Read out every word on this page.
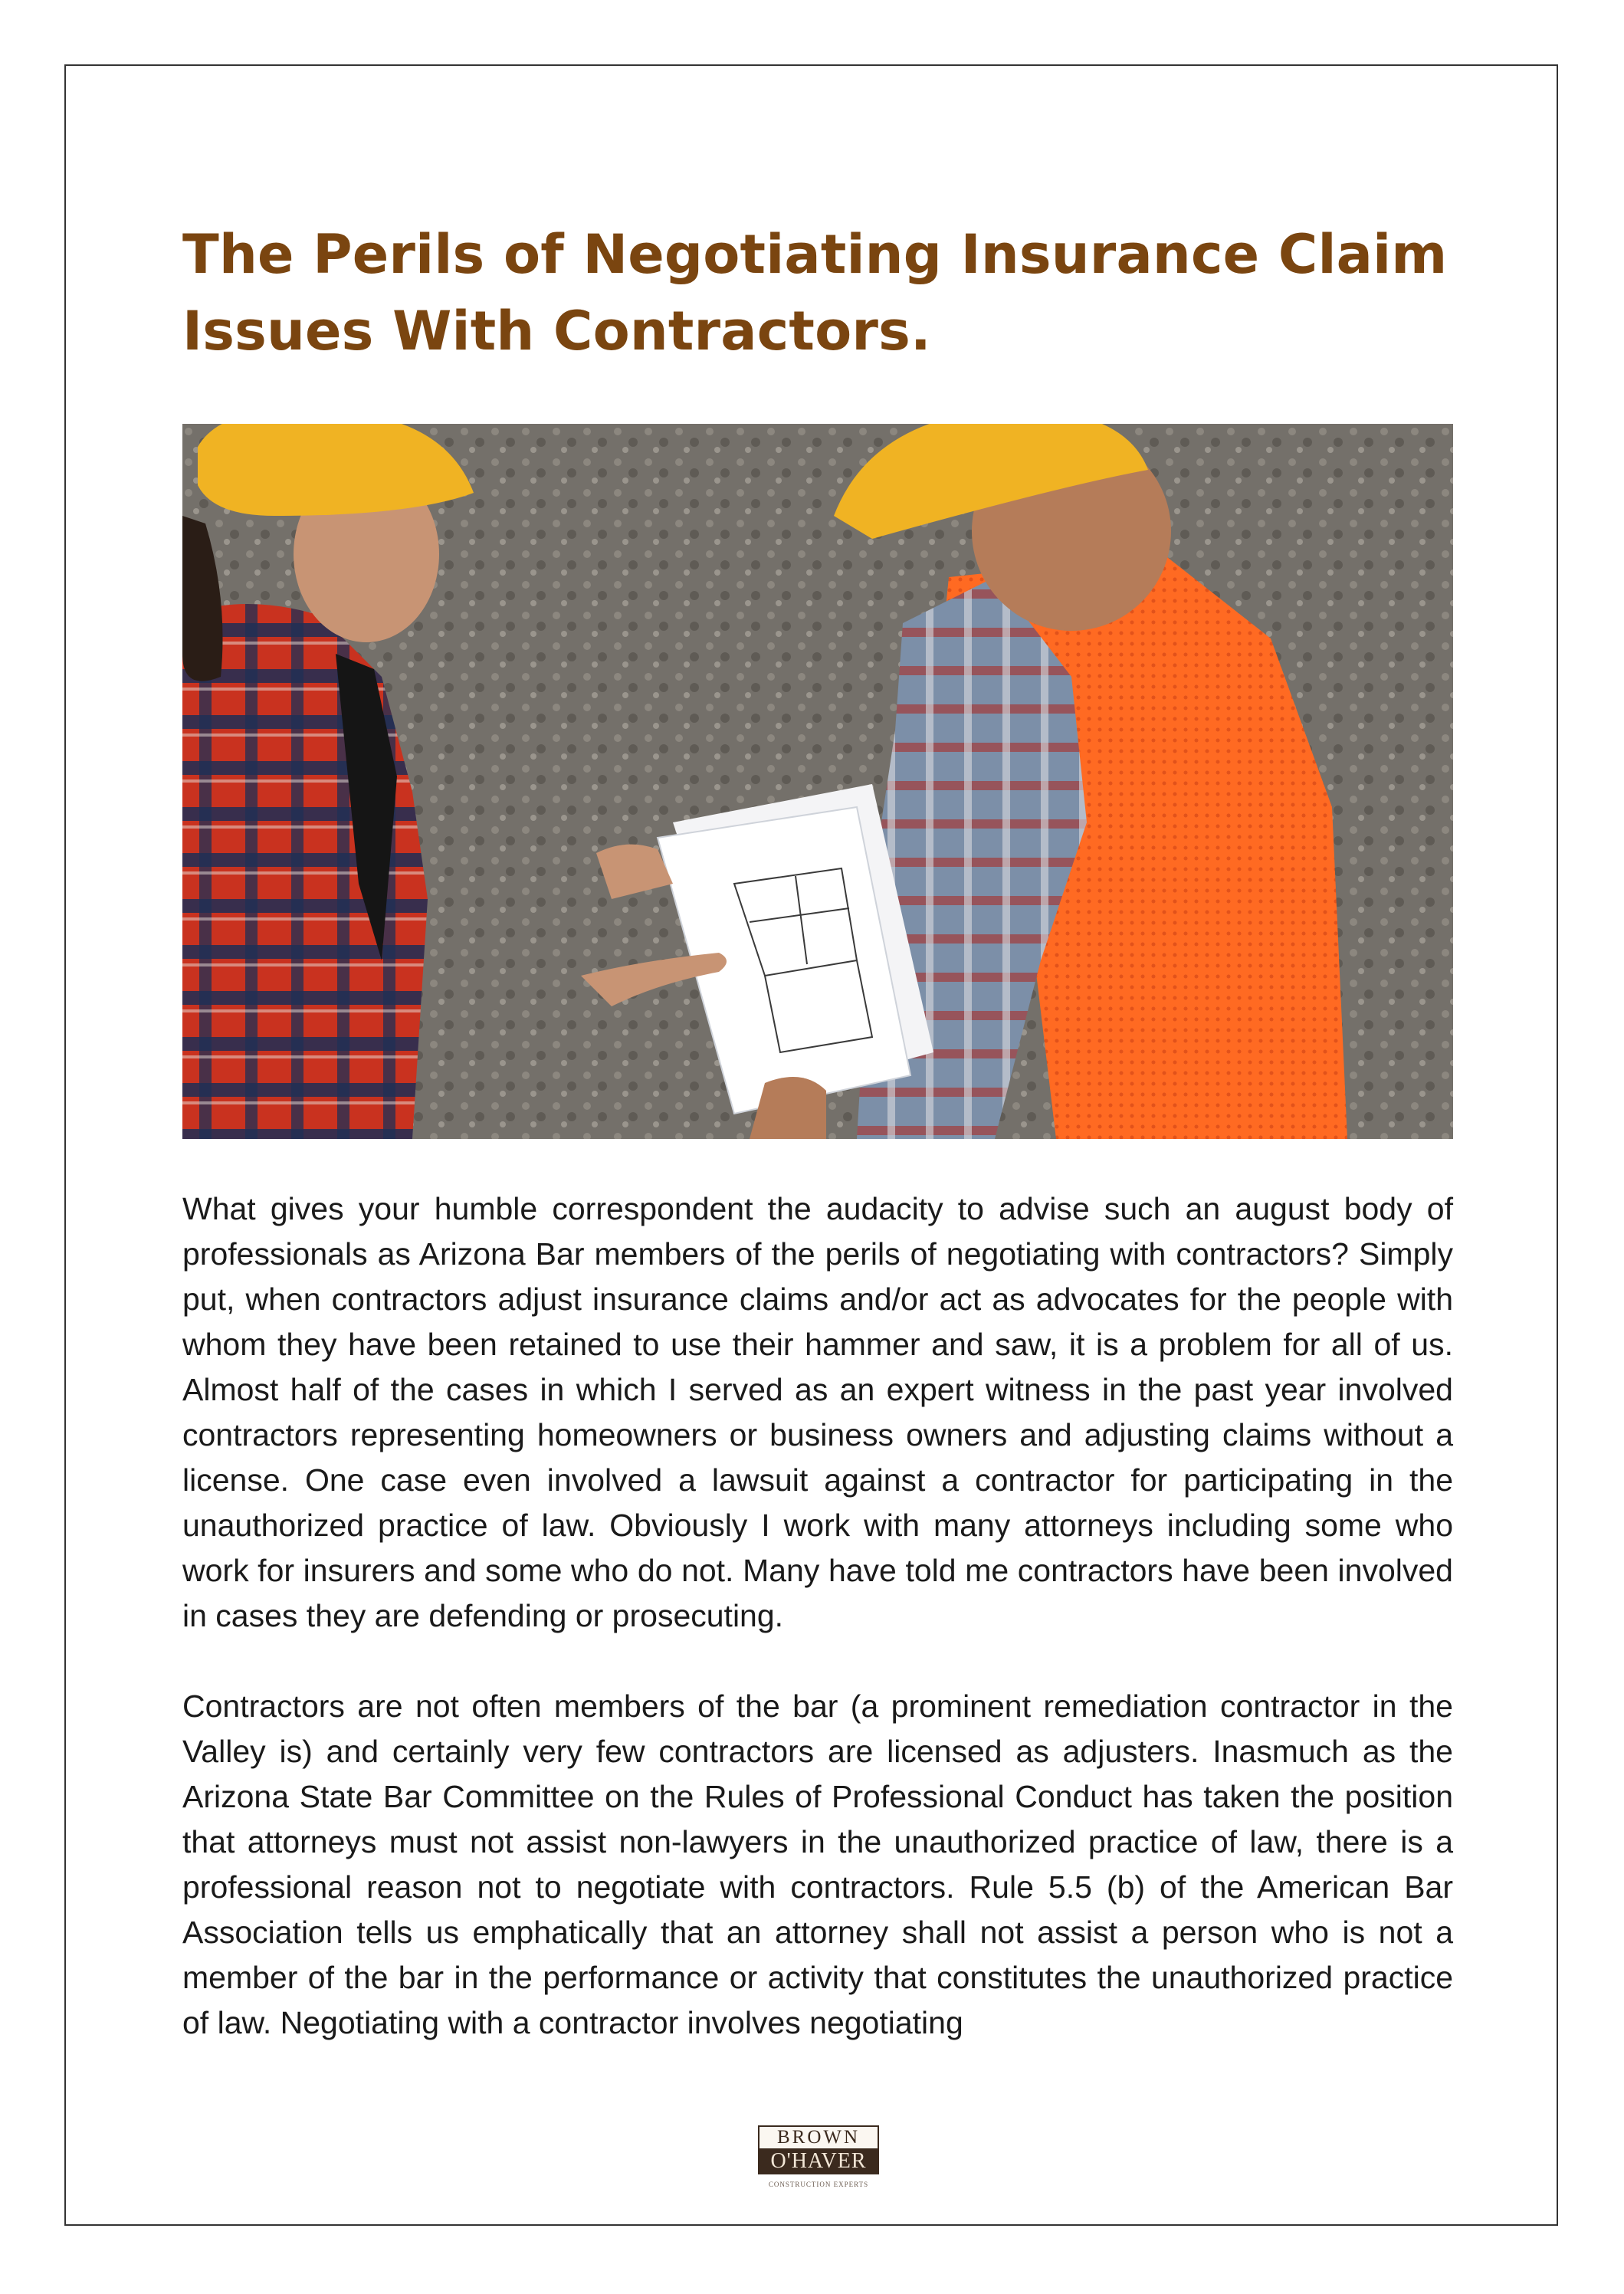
The Perils of Negotiating Insurance Claim
Issues With Contractors.

What gives your humble correspondent the audacity to advise such an august body of professionals as Arizona Bar members of the perils of negotiating with contractors? Simply put, when contractors adjust insurance claims and/or act as advocates for the people with whom they have been retained to use their hammer and saw, it is a problem for all of us. Almost half of the cases in which I served as an expert witness in the past year involved contractors representing homeowners or business owners and adjusting claims without a license. One case even involved a lawsuit against a contractor for participating in the unauthorized practice of law. Obviously I work with many attorneys including some who work for insurers and some who do not. Many have told me contractors have been involved in cases they are defending or prosecuting.

Contractors are not often members of the bar (a prominent remediation contractor in the Valley is) and certainly very few contractors are licensed as adjusters. Inasmuch as the Arizona State Bar Committee on the Rules of Professional Conduct has taken the position that attorneys must not assist non-lawyers in the unauthorized practice of law, there is a professional reason not to negotiate with contractors. Rule 5.5 (b) of the American Bar Association tells us emphatically that an attorney shall not assist a person who is not a member of the bar in the performance or activity that constitutes the unauthorized practice of law. Negotiating with a contractor involves negotiating

BROWN
O'HAVER
CONSTRUCTION EXPERTS
